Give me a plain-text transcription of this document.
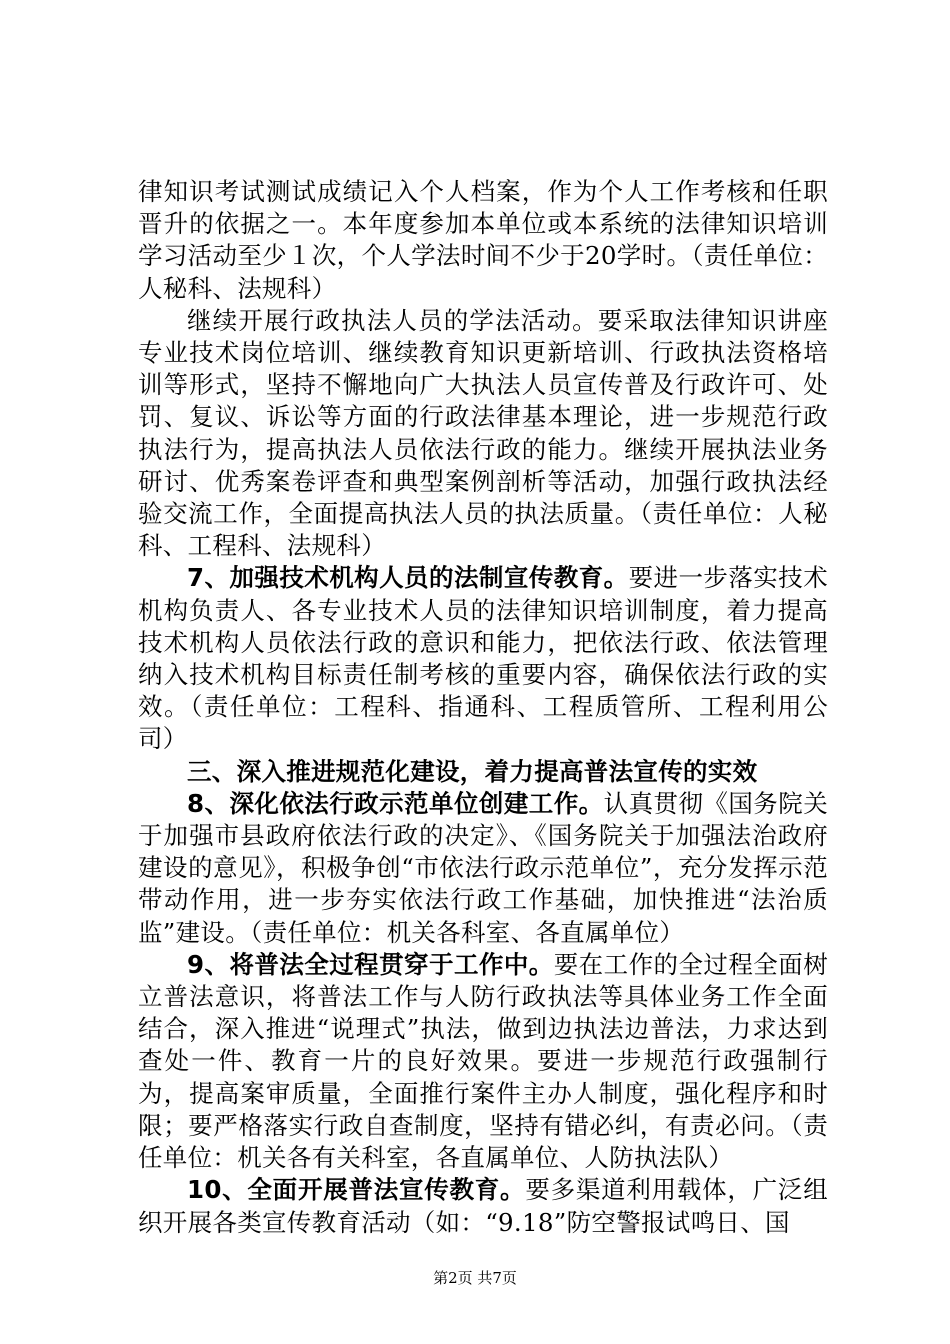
律知识考试测试成绩记入个人档案，作为个人工作考核和任职晋升的依据之一。本年度参加本单位或本系统的法律知识培训学习活动至少１次，个人学法时间不少于20学时。（责任单位：人秘科、法规科）

继续开展行政执法人员的学法活动。要采取法律知识讲座专业技术岗位培训、继续教育知识更新培训、行政执法资格培训等形式，坚持不懈地向广大执法人员宣传普及行政许可、处罚、复议、诉讼等方面的行政法律基本理论，进一步规范行政执法行为，提高执法人员依法行政的能力。继续开展执法业务研讨、优秀案卷评查和典型案例剖析等活动，加强行政执法经验交流工作，全面提高执法人员的执法质量。（责任单位：人秘科、工程科、法规科）

7、加强技术机构人员的法制宣传教育。要进一步落实技术机构负责人、各专业技术人员的法律知识培训制度，着力提高技术机构人员依法行政的意识和能力，把依法行政、依法管理纳入技术机构目标责任制考核的重要内容，确保依法行政的实效。（责任单位：工程科、指通科、工程质管所、工程利用公司）

三、深入推进规范化建设，着力提高普法宣传的实效

8、深化依法行政示范单位创建工作。认真贯彻《国务院关于加强市县政府依法行政的决定》、《国务院关于加强法治政府建设的意见》，积极争创“市依法行政示范单位”，充分发挥示范带动作用，进一步夯实依法行政工作基础，加快推进“法治质监”建设。（责任单位：机关各科室、各直属单位）

9、将普法全过程贯穿于工作中。要在工作的全过程全面树立普法意识，将普法工作与人防行政执法等具体业务工作全面结合，深入推进“说理式”执法，做到边执法边普法，力求达到查处一件、教育一片的良好效果。要进一步规范行政强制行为，提高案审质量，全面推行案件主办人制度，强化程序和时限；要严格落实行政自查制度，坚持有错必纠，有责必问。（责任单位：机关各有关科室，各直属单位、人防执法队）

10、全面开展普法宣传教育。要多渠道利用载体，广泛组织开展各类宣传教育活动（如：“9.18”防空警报试鸣日、国

第2页 共7页
